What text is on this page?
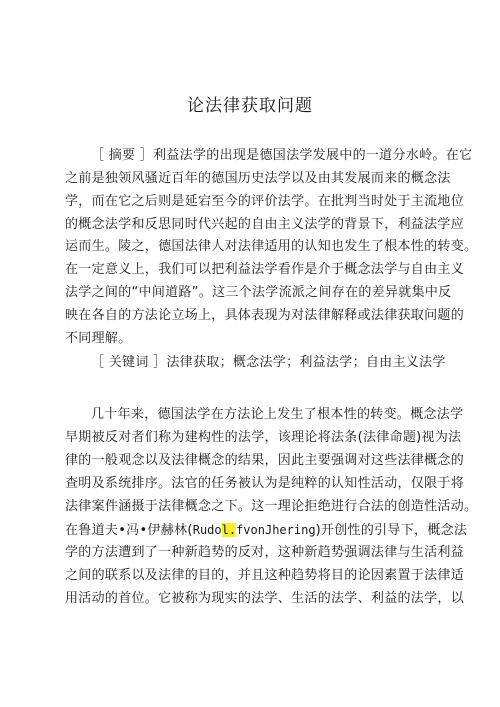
论法律获取问题
［ 摘要 ］利益法学的出现是德国法学发展中的一道分水岭。在它
之前是独领风骚近百年的德国历史法学以及由其发展而来的概念法
学，而在它之后则是延宕至今的评价法学。在批判当时处于主流地位
的概念法学和反思同时代兴起的自由主义法学的背景下，利益法学应
运而生。陵之，德国法律人对法律适用的认知也发生了根本性的转变。
在一定意义上，我们可以把利益法学看作是介于概念法学与自由主义
法学之间的“中间道路”。这三个法学流派之间存在的差异就集中反
映在各自的方法论立场上，具体表现为对法律解释或法律获取问题的
不同理解。
［ 关键词 ］法律获取；概念法学；利益法学；自由主义法学
几十年来，德国法学在方法论上发生了根本性的转变。概念法学
早期被反对者们称为建构性的法学，该理论将法条(法律命题)视为法
律的一般观念以及法律概念的结果，因此主要强调对这些法律概念的
查明及系统排序。法官的任务被认为是纯粹的认知性活动，仅限于将
法律案件涵摄于法律概念之下。这一理论拒绝进行合法的创造性活动。
在鲁道夫•冯•伊赫林(Rudol.fvonJhering)开创性的引导下，概念法
学的方法遭到了一种新趋势的反对，这种新趋势强调法律与生活利益
之间的联系以及法律的目的，并且这种趋势将目的论因素置于法律适
用活动的首位。它被称为现实的法学、生活的法学、利益的法学，以
